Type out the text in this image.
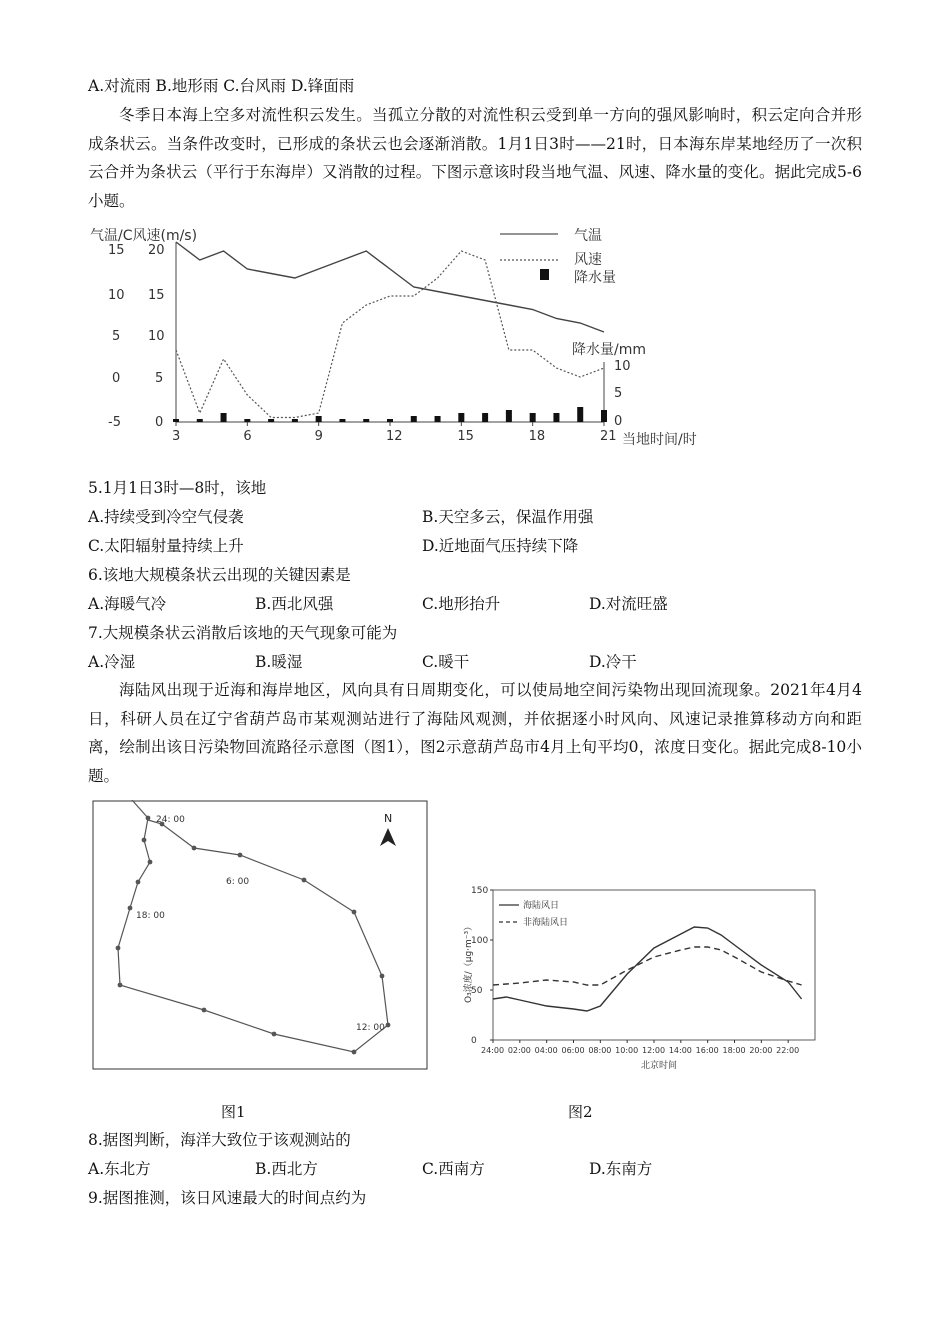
A.对流雨 B.地形雨 C.台风雨 D.锋面雨
冬季日本海上空多对流性积云发生。当孤立分散的对流性积云受到单一方向的强风影响时，积云定向合并形成条状云。当条件改变时，已形成的条状云也会逐渐消散。1月1日3时——21时，日本海东岸某地经历了一次积云合并为条状云（平行于东海岸）又消散的过程。下图示意该时段当地气温、风速、降水量的变化。据此完成5-6小题。
气温/C风速(m/s)
15
10
5
0
-5
20
15
10
5
0
3	6	9	12	15	18	21 当地时间/时
降水量/mm
10
5
0
气温
风速
降水量
5.1月1日3时—8时，该地
A.持续受到冷空气侵袭	B.天空多云，保温作用强
C.太阳辐射量持续上升	D.近地面气压持续下降
6.该地大规模条状云出现的关键因素是
A.海暖气冷	B.西北风强	C.地形抬升	D.对流旺盛
7.大规模条状云消散后该地的天气现象可能为
A.冷湿	B.暖湿	C.暖干	D.冷干
海陆风出现于近海和海岸地区，风向具有日周期变化，可以使局地空间污染物出现回流现象。2021年4月4日，科研人员在辽宁省葫芦岛市某观测站进行了海陆风观测，并依据逐小时风向、风速记录推算移动方向和距离，绘制出该日污染物回流路径示意图（图1），图2示意葫芦岛市4月上旬平均0，浓度日变化。据此完成8-10小题。
N
24: 00
6: 00
18: 00
12: 00
150
100
50
0
24:00 02:00 04:00 06:00 08:00 10:00 12:00 14:00 16:00 18:00 20:00 22:00
O₃浓度/（μg·m⁻³）
北京时间
海陆风日
非海陆风日
图1	图2
8.据图判断，海洋大致位于该观测站的
A.东北方	B.西北方	C.西南方	D.东南方
9.据图推测，该日风速最大的时间点约为
